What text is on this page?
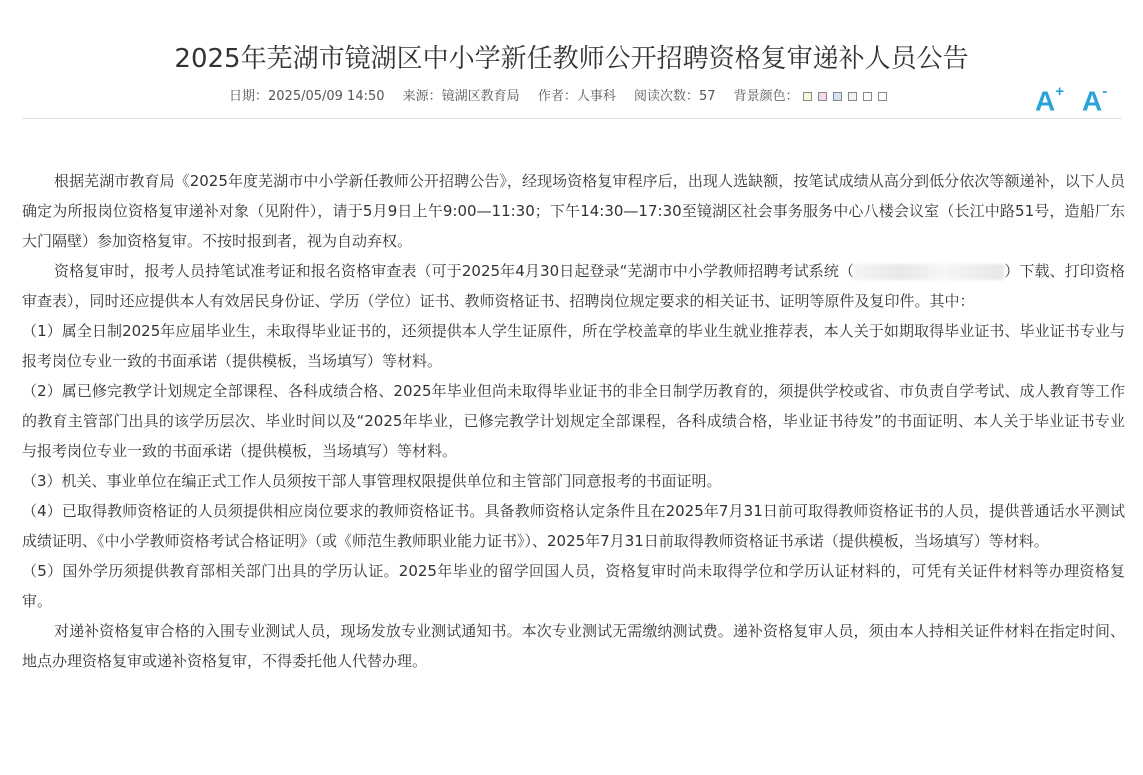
2025年芜湖市镜湖区中小学新任教师公开招聘资格复审递补人员公告
日期：2025/05/09 14:50 来源：镜湖区教育局 作者：人事科 阅读次数：57 背景颜色：	A+ A-

根据芜湖市教育局《2025年度芜湖市中小学新任教师公开招聘公告》，经现场资格复审程序后，出现人选缺额，按笔试成绩从高分到低分依次等额递补，以下人员确定为所报岗位资格复审递补对象（见附件），请于5月9日上午9:00—11:30；下午14:30—17:30至镜湖区社会事务服务中心八楼会议室（长江中路51号，造船厂东大门隔壁）参加资格复审。不按时报到者，视为自动弃权。

资格复审时，报考人员持笔试准考证和报名资格审查表（可于2025年4月30日起登录“芜湖市中小学教师招聘考试系统（	）下载、打印资格审查表），同时还应提供本人有效居民身份证、学历（学位）证书、教师资格证书、招聘岗位规定要求的相关证书、证明等原件及复印件。其中：

（1）属全日制2025年应届毕业生，未取得毕业证书的，还须提供本人学生证原件，所在学校盖章的毕业生就业推荐表，本人关于如期取得毕业证书、毕业证书专业与报考岗位专业一致的书面承诺（提供模板，当场填写）等材料。

（2）属已修完教学计划规定全部课程、各科成绩合格、2025年毕业但尚未取得毕业证书的非全日制学历教育的，须提供学校或省、市负责自学考试、成人教育等工作的教育主管部门出具的该学历层次、毕业时间以及“2025年毕业，已修完教学计划规定全部课程，各科成绩合格，毕业证书待发”的书面证明、本人关于毕业证书专业与报考岗位专业一致的书面承诺（提供模板，当场填写）等材料。

（3）机关、事业单位在编正式工作人员须按干部人事管理权限提供单位和主管部门同意报考的书面证明。

（4）已取得教师资格证的人员须提供相应岗位要求的教师资格证书。具备教师资格认定条件且在2025年7月31日前可取得教师资格证书的人员，提供普通话水平测试成绩证明、《中小学教师资格考试合格证明》（或《师范生教师职业能力证书》）、2025年7月31日前取得教师资格证书承诺（提供模板，当场填写）等材料。

（5）国外学历须提供教育部相关部门出具的学历认证。2025年毕业的留学回国人员，资格复审时尚未取得学位和学历认证材料的，可凭有关证件材料等办理资格复审。

对递补资格复审合格的入围专业测试人员，现场发放专业测试通知书。本次专业测试无需缴纳测试费。递补资格复审人员，须由本人持相关证件材料在指定时间、地点办理资格复审或递补资格复审，不得委托他人代替办理。
